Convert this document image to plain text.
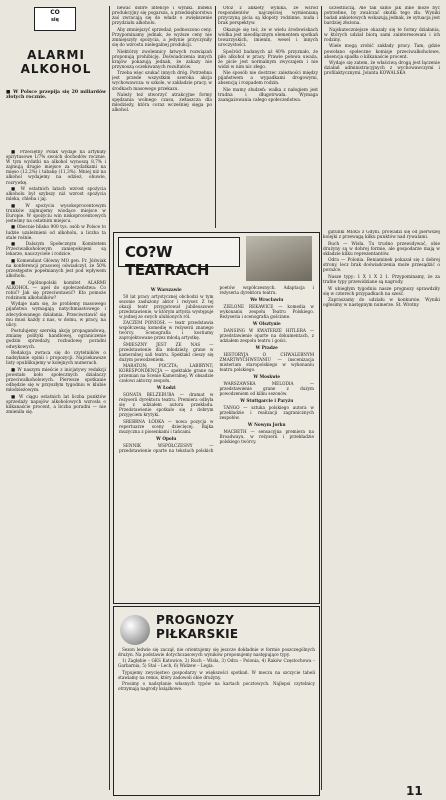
CO
się
ALARMI
ALKOHOL
■ W Polsce przepija się 20 miliardów złotych rocznie.

■ Przeciętny Polak wydaje na artykuły spirytusowe 1/7% swoich dochodów rocznie. W tym wydatki na alkohol wynoszą 8,7% i zajmują drugie miejsce za wydatkami na mięso (12,2%) i tabakę (11,3%). Mniej niż na alkohol wydajemy na odzież, obuwie, rozrywkę.

■ W ostatnich latach wzrost spożycia alkoholu był szybszy niż wzrost spożycia mleka, chleba i jaj.

■ W spożyciu wysokoprocentowym trunków zajmujemy wiodące miejsce w Europie. W spożyciu win niskoprocentowych jesteśmy na ostatnim miejscu.

■ Obecnie blisko 900 tys. osób w Polsce to ludzie uzależnieni od alkoholu, a liczba ta stale rośnie.

■ Dalszym Społecznym Komitetem Przeciwalkoholowym zaniepokojeni są lekarze, nauczyciele i rodzice.

■ Komendant Główny MO gen. Fr. Jóźwiak na konferencji prasowej oświadczył, że 50% przestępstw popełnianych jest pod wpływem alkoholu.

■ Ogólnopolski komitet ALARMI ALKOHOL — apel do społeczeństwa: Co robić? Jak się przeciwstawić? Kto pomoże rodzinom alkoholików?

Wydaje nam się, że problemy masowego pijaństwa wymagają natychmiastowego i zdecydowanego działania. Przeciwstawić się mu musi każdy z nas, w domu, w pracy, na ulicy.

Postulujemy szeroką akcję propagandową, zmianę polityki handlowej, ograniczenie godzin sprzedaży, rozbudowę poradni odwykowych.

Redakcja zwraca się do czytelników o nadsyłanie opinii i propozycji. Najciekawsze listy opublikujemy w kolejnych numerach.

■ W naszym mieście z inicjatywy redakcji powstało koło społecznych działaczy przeciwalkoholowych. Pierwsze spotkanie odbędzie się w przyszłym tygodniu w klubie młodzieżowym.

■ W ciągu ostatnich lat liczba punktów sprzedaży napojów alkoholowych wzrosła o kilkanaście procent, a liczba poradni — nie zmieniła się.

newać dobre intencje i wyniki. Indeks produkcyjny się pogarsza, a przedsiębiorstwa zaś zwracają się do władz o zwiększenie przydziału alkoholu.

Aby zmniejszyć sprzedaż, podnoszono ceny. Przypominamy jednak, że wyższe ceny nie zmniejszyły spożycia, a jedynie przyczyniły się do wzrostu nielegalnej produkcji.

Niektórzy zwolennicy łatwych rozwiązań proponują prohibicję. Doświadczenia innych krajów pokazują jednak, że zakazy nie przynoszą oczekiwanych rezultatów.

Trzeba więc szukać innych dróg. Potrzebna jest przede wszystkim szeroka akcja wychowawcza: w szkole, w zakładzie pracy, w środkach masowego przekazu.

Należy też stworzyć atrakcyjne formy spędzania wolnego czasu, zwłaszcza dla młodzieży, która coraz wcześniej sięga po alkohol.

Otóż z ankiety wynika, że wśród respondentów najczęściej wymienianą przyczyną picia są kłopoty rodzinne, nuda i brak perspektyw.

Okazuje się też, że w wielu środowiskach wódka jest nieodłącznym elementem spotkań towarzyskich, imienin, wesel i innych uroczystości.

Spośród badanych aż 40% przyznało, że piło alkohol w pracy. Prawie połowa uważa, że picie jest normalnym zwyczajem i nie widzi w nim nic złego.

Nie sposób nie dostrzec zależności między pijaństwem a wypadkami drogowymi, absencją i rozpadem rodzin.

Nie mamy złudzeń: walka z nałogiem jest trudna i długotrwała. Wymaga zaangażowania całego społeczeństwa.

uczestniczą. Ale tak samo jak inne może być potrzebne, by zwalczać skutki tego zła. Wyniki badań ankietowych wskazują jednak, że sytuacja jest bardziej złożona.

Najskuteczniejsze okazały się te formy działania, w których udział biorą sami zainteresowani i ich rodziny.

Wiele mogą zrobić zakłady pracy. Tam, gdzie powołano społeczne komisje przeciwalkoholowe, absencja spadła o kilkanaście procent.

Wydaje się zatem, że właściwą drogą jest łączenie działań administracyjnych z wychowawczymi i profilaktycznymi. Jolanta KOWALSKA

CO?W TEATRACH

W Warszawie

50 lat pracy artystycznej obchodzi w tym sezonie zasłużony aktor i reżyser. Z tej okazji teatr przygotował jubileuszowe przedstawienie, w którym artysta występuje w jednej ze swych ulubionych ról.

ZACZEM PONIOSŁ — teatr przedstawia współczesną komedię w reżyserii znanego twórcy. Scenografia i kostiumy zaprojektowane przez młodą artystkę.

ŚMIESZNY JEST ZE NAS — przedstawienie dla młodzieży, grane w kameralnej sali teatru. Spektakl cieszy się dużym powodzeniem.

MARATON; POCZTA; LABIRYNT; KORESPONDENCJA — spektakle grane na przemian na Scenie Kameralnej. W obsadzie czołowi aktorzy zespołu.

W Łodzi

SONATA BELZEBUBA — dramat w reżyserii dyrektora teatru. Premiera odbyła się z udziałem autora przekładu. Przedstawienie spotkało się z dobrym przyjęciem krytyki.

SREBRNA ŁÓDKA — nowa pozycja w repertuarze sceny dziecięcej. Bajka muzyczna z piosenkami i tańcami.

W Opolu

SENNIK WSPÓŁCZESNY — przedstawienie oparte na tekstach polskich poetów współczesnych. Adaptacja i reżyseria dyrektora teatru.

We Wrocławiu

ZIELONE REKAWICE — komedia w wykonaniu zespołu Teatru Polskiego. Reżyseria i scenografia gościnne.

W Olsztynie

DANSING W KWATERZE HITLERA — przedstawienie oparte na dokumentach, z udziałem zespołu teatru i gości.

W Pradze

HISTORYJA O CHWALEBNYM ZMARTWYCHWSTANIU — inscenizacja misterium staropolskiego w wykonaniu teatru polskiego.

W Moskwie

WARSZAWSKA MELODIA — przedstawienie grane z dużym powodzeniem od kilku sezonów.

W Stuttgarcie i Paryżu

TANGO — sztuka polskiego autora w przekładzie i realizacji zagranicznych zespołów.

W Nowym Jorku

MACBETH — sensacyjna premiera na Broadwayu, w reżyserii i przekładzie polskiego twórcy.

PROGNOZY
PIŁKARSKIE

Sezon ledwie się zaczął, nie orientujemy się jeszcze dokładnie w formie poszczególnych drużyn. Na podstawie dotychczasowych wyników proponujemy następujące typy.

1) Zagłębie – GKS Katowice, 2) Ruch – Wisła, 3) Odra – Polonia, 4) Raków Częstochowa – Garbarnia, 5) Stal – Lech, 6) Widzew – Legia.

Typujemy zwycięstwo gospodarzy w większości spotkań. W meczu na szczycie tabeli stawiamy na remis, który zadowoli obie drużyny.

Prosimy o nadsyłanie własnych typów na kartach pocztowych. Najlepsi czytelnicy otrzymają nagrody książkowe.

gatunki MEKS z Gdyni, prowadzi się od pierwszej kolejki z przewagą kilku punktów nad rywalami.

Ruch — Wisła. Tu trudno przewidywać, obie drużyny są w dobrej formie, ale gospodarze mają w składzie kilku reprezentantów.

Odra — Polonia. Beniaminek pokazał się z dobrej strony, lecz brak doświadczenia może przesądzić o porażce.

Nasze typy: 1 X 1 X 2 1. Przypominamy, że za trafne typy przewidziane są nagrody.

W ubiegłym tygodniu nasze prognozy sprawdziły się w czterech przypadkach na sześć.

Zapraszamy do udziału w konkursie. Wyniki ogłosimy w następnym numerze. St. Wrotny

11
